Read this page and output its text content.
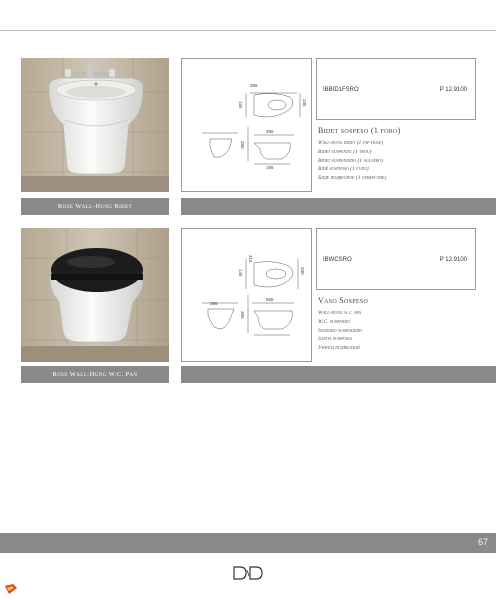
Rose Wall-Hung Bidet
365
155	235
395
390
195
IBBID1FSRO	P 12.9100
Bidet sospeso (1 foro)
Wall-hung bidet (1 tap hole)
Bidet suspendu (1 trou)
Bidet suspendido (1 agujero)
Bidé suspenso (1 furo)
Биде подвесное (1 отверстие)
Rose Wall-Hung W.C. Pan
315
145	330
565
395
395
IBWCSRO	P 12.9100
Vaso Sospeso
Wall-hung w.c. pan
W.C. suspendu
Inodoro suspendido
Sanita suspensa
Унитаз подвесной
67
